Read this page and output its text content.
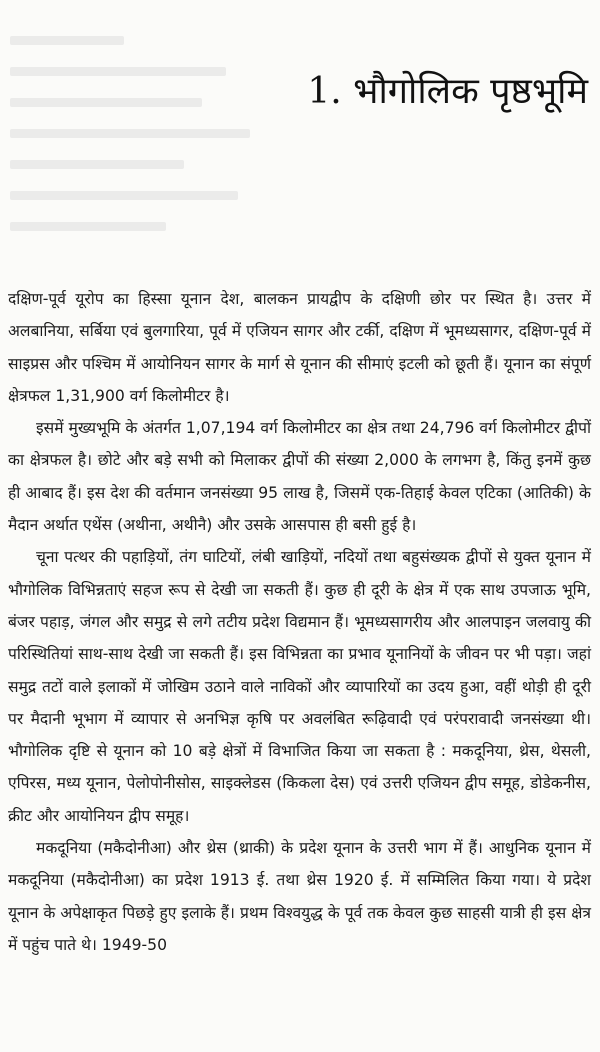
1. भौगोलिक पृष्ठभूमि

दक्षिण-पूर्व यूरोप का हिस्सा यूनान देश, बालकन प्रायद्वीप के दक्षिणी छोर पर स्थित है। उत्तर में अलबानिया, सर्बिया एवं बुलगारिया, पूर्व में एजियन सागर और टर्की, दक्षिण में भूमध्यसागर, दक्षिण-पूर्व में साइप्रस और पश्चिम में आयोनियन सागर के मार्ग से यूनान की सीमाएं इटली को छूती हैं। यूनान का संपूर्ण क्षेत्रफल 1,31,900 वर्ग किलोमीटर है।

इसमें मुख्यभूमि के अंतर्गत 1,07,194 वर्ग किलोमीटर का क्षेत्र तथा 24,796 वर्ग किलोमीटर द्वीपों का क्षेत्रफल है। छोटे और बड़े सभी को मिलाकर द्वीपों की संख्या 2,000 के लगभग है, किंतु इनमें कुछ ही आबाद हैं। इस देश की वर्तमान जनसंख्या 95 लाख है, जिसमें एक-तिहाई केवल एटिका (आतिकी) के मैदान अर्थात एथेंस (अथीना, अथीनै) और उसके आसपास ही बसी हुई है।

चूना पत्थर की पहाड़ियों, तंग घाटियों, लंबी खाड़ियों, नदियों तथा बहुसंख्यक द्वीपों से युक्त यूनान में भौगोलिक विभिन्नताएं सहज रूप से देखी जा सकती हैं। कुछ ही दूरी के क्षेत्र में एक साथ उपजाऊ भूमि, बंजर पहाड़, जंगल और समुद्र से लगे तटीय प्रदेश विद्यमान हैं। भूमध्यसागरीय और आलपाइन जलवायु की परिस्थितियां साथ-साथ देखी जा सकती हैं। इस विभिन्नता का प्रभाव यूनानियों के जीवन पर भी पड़ा। जहां समुद्र तटों वाले इलाकों में जोखिम उठाने वाले नाविकों और व्यापारियों का उदय हुआ, वहीं थोड़ी ही दूरी पर मैदानी भूभाग में व्यापार से अनभिज्ञ कृषि पर अवलंबित रूढ़िवादी एवं परंपरावादी जनसंख्या थी। भौगोलिक दृष्टि से यूनान को 10 बड़े क्षेत्रों में विभाजित किया जा सकता है : मकदूनिया, थ्रेस, थेसली, एपिरस, मध्य यूनान, पेलोपोनीसोस, साइक्लेडस (किकला देस) एवं उत्तरी एजियन द्वीप समूह, डोडेकनीस, क्रीट और आयोनियन द्वीप समूह।

मकदूनिया (मकैदोनीआ) और थ्रेस (थ्राकी) के प्रदेश यूनान के उत्तरी भाग में हैं। आधुनिक यूनान में मकदूनिया (मकैदोनीआ) का प्रदेश 1913 ई. तथा थ्रेस 1920 ई. में सम्मिलित किया गया। ये प्रदेश यूनान के अपेक्षाकृत पिछड़े हुए इलाके हैं। प्रथम विश्वयुद्ध के पूर्व तक केवल कुछ साहसी यात्री ही इस क्षेत्र में पहुंच पाते थे। 1949-50
